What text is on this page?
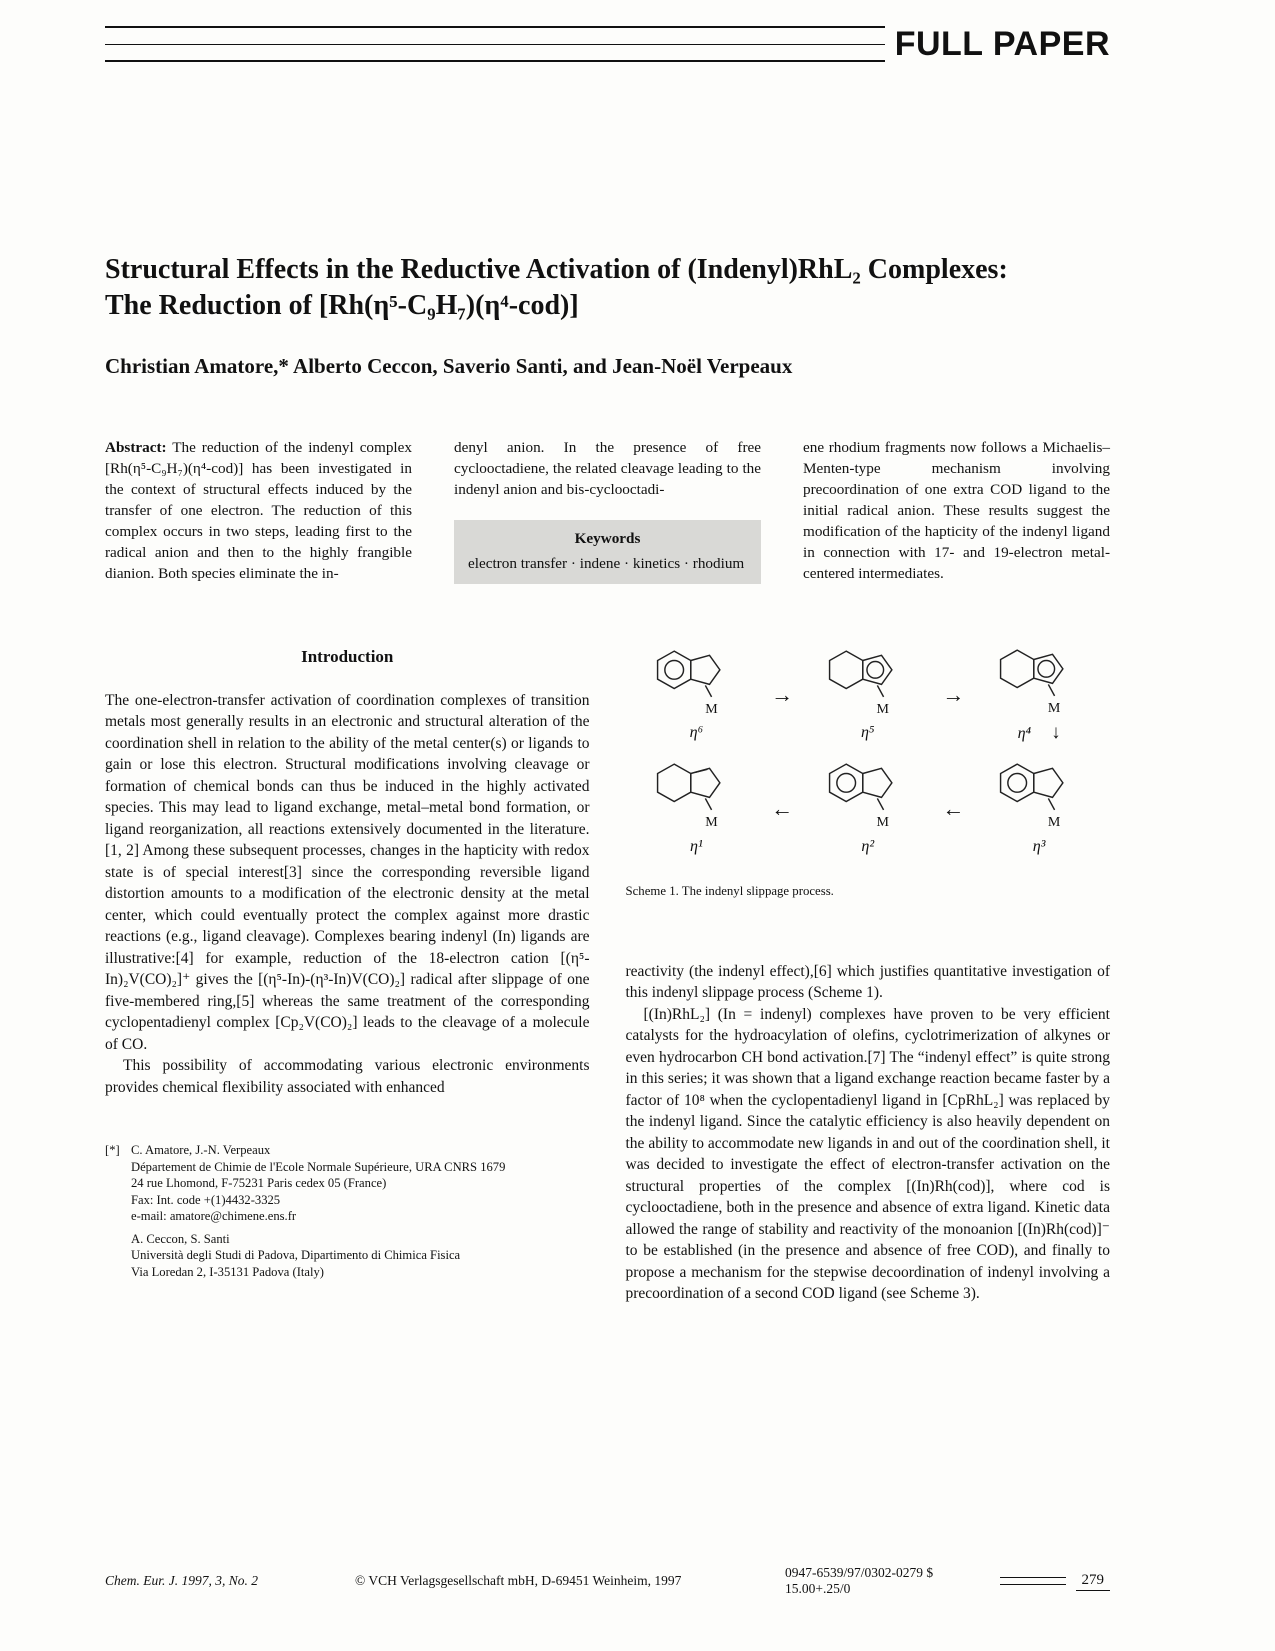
FULL PAPER
Structural Effects in the Reductive Activation of (Indenyl)RhL₂ Complexes:
The Reduction of [Rh(η⁵-C₉H₇)(η⁴-cod)]
Christian Amatore,* Alberto Ceccon, Saverio Santi, and Jean-Noël Verpeaux

Abstract: The reduction of the indenyl complex [Rh(η⁵-C₉H₇)(η⁴-cod)] has been investigated in the context of structural effects induced by the transfer of one electron. The reduction of this complex occurs in two steps, leading first to the radical anion and then to the highly frangible dianion. Both species eliminate the in-

denyl anion. In the presence of free cyclooctadiene, the related cleavage leading to the indenyl anion and bis-cyclooctadi-

Keywords
electron transfer · indene · kinetics · rhodium

ene rhodium fragments now follows a Michaelis–Menten-type mechanism involving precoordination of one extra COD ligand to the initial radical anion. These results suggest the modification of the hapticity of the indenyl ligand in connection with 17- and 19-electron metal-centered intermediates.

Introduction

The one-electron-transfer activation of coordination complexes of transition metals most generally results in an electronic and structural alteration of the coordination shell in relation to the ability of the metal center(s) or ligands to gain or lose this electron. Structural modifications involving cleavage or formation of chemical bonds can thus be induced in the highly activated species. This may lead to ligand exchange, metal–metal bond formation, or ligand reorganization, all reactions extensively documented in the literature.[1, 2] Among these subsequent processes, changes in the hapticity with redox state is of special interest[3] since the corresponding reversible ligand distortion amounts to a modification of the electronic density at the metal center, which could eventually protect the complex against more drastic reactions (e.g., ligand cleavage). Complexes bearing indenyl (In) ligands are illustrative:[4] for example, reduction of the 18-electron cation [(η⁵-In)₂V(CO)₂]⁺ gives the [(η⁵-In)-(η³-In)V(CO)₂] radical after slippage of one five-membered ring,[5] whereas the same treatment of the corresponding cyclopentadienyl complex [Cp₂V(CO)₂] leads to the cleavage of a molecule of CO.

This possibility of accommodating various electronic environments provides chemical flexibility associated with enhanced

[*] C. Amatore, J.-N. Verpeaux
Département de Chimie de l'Ecole Normale Supérieure, URA CNRS 1679
24 rue Lhomond, F-75231 Paris cedex 05 (France)
Fax: Int. code +(1)4432-3325
e-mail: amatore@chimene.ens.fr
A. Ceccon, S. Santi
Università degli Studi di Padova, Dipartimento di Chimica Fisica
Via Loredan 2, I-35131 Padova (Italy)
M
η⁶
→
M
η⁵
→
M
η⁴ ↓
M
η¹
←
M
η²
←
M
η³
Scheme 1. The indenyl slippage process.

reactivity (the indenyl effect),[6] which justifies quantitative investigation of this indenyl slippage process (Scheme 1).

[(In)RhL₂] (In = indenyl) complexes have proven to be very efficient catalysts for the hydroacylation of olefins, cyclotrimerization of alkynes or even hydrocarbon CH bond activation.[7] The “indenyl effect” is quite strong in this series; it was shown that a ligand exchange reaction became faster by a factor of 10⁸ when the cyclopentadienyl ligand in [CpRhL₂] was replaced by the indenyl ligand. Since the catalytic efficiency is also heavily dependent on the ability to accommodate new ligands in and out of the coordination shell, it was decided to investigate the effect of electron-transfer activation on the structural properties of the complex [(In)Rh(cod)], where cod is cyclooctadiene, both in the presence and absence of extra ligand. Kinetic data allowed the range of stability and reactivity of the monoanion [(In)Rh(cod)]⁻ to be established (in the presence and absence of free COD), and finally to propose a mechanism for the stepwise decoordination of indenyl involving a precoordination of a second COD ligand (see Scheme 3).

Chem. Eur. J. 1997, 3, No. 2	© VCH Verlagsgesellschaft mbH, D-69451 Weinheim, 1997
0947-6539/97/0302-0279 $ 15.00+.25/0
279
